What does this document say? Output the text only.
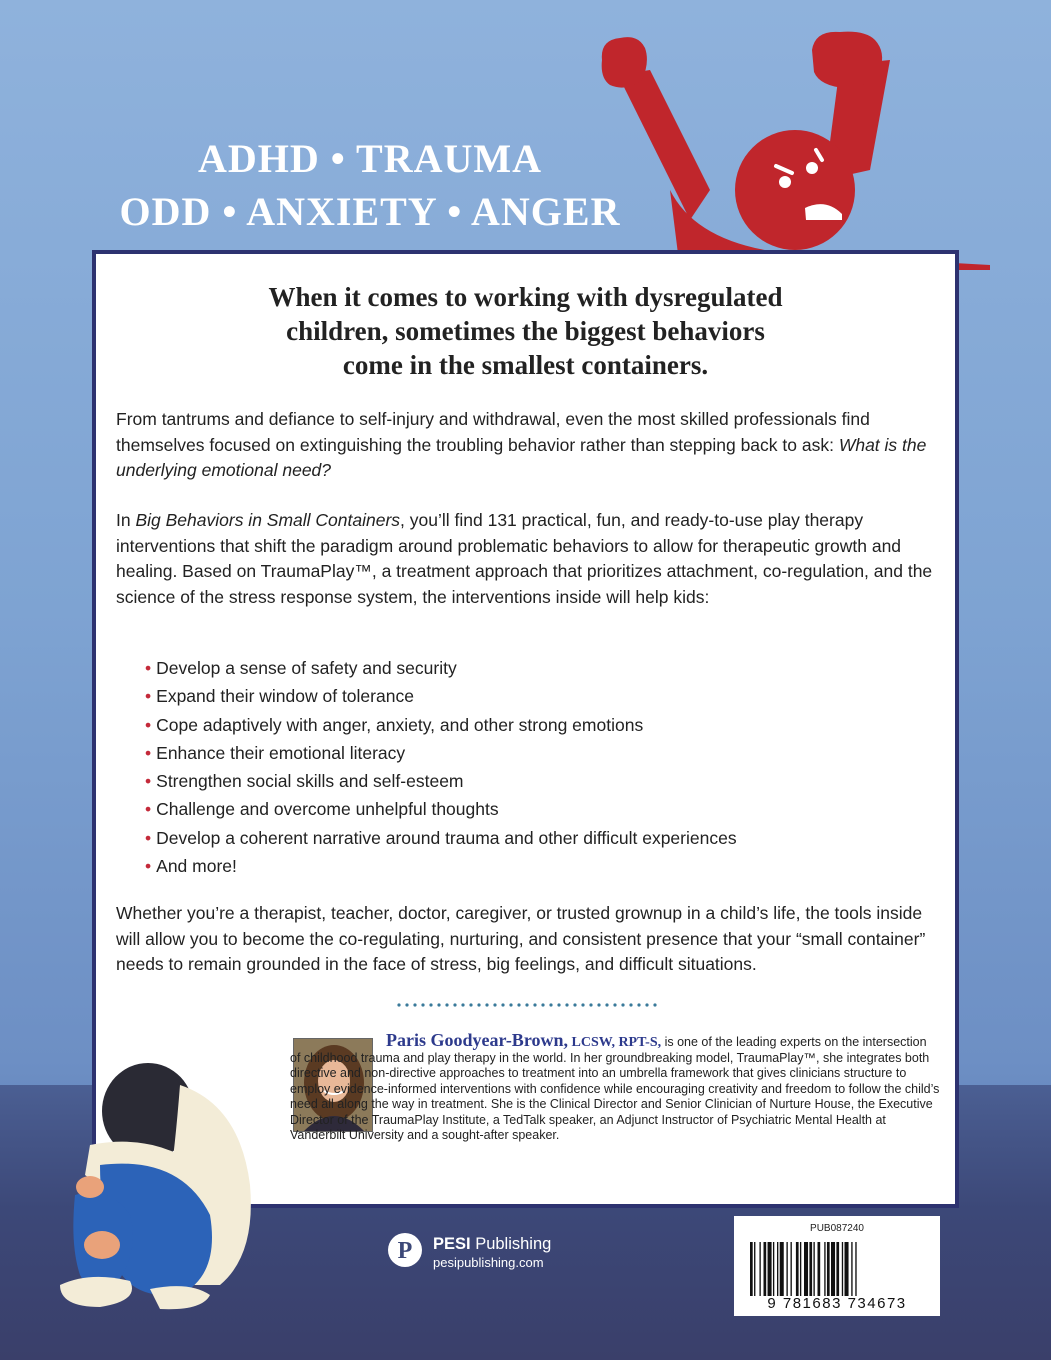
ADHD • TRAUMA
ODD • ANXIETY • ANGER

When it comes to working with dysregulated
children, sometimes the biggest behaviors
come in the smallest containers.

From tantrums and defiance to self-injury and withdrawal, even the most skilled professionals find themselves focused on extinguishing the troubling behavior rather than stepping back to ask: What is the underlying emotional need?

In Big Behaviors in Small Containers, you’ll find 131 practical, fun, and ready-to-use play therapy interventions that shift the paradigm around problematic behaviors to allow for therapeutic growth and healing. Based on TraumaPlay™, a treatment approach that prioritizes attachment, co-regulation, and the science of the stress response system, the interventions inside will help kids:

• Develop a sense of safety and security
• Expand their window of tolerance
• Cope adaptively with anger, anxiety, and other strong emotions
• Enhance their emotional literacy
• Strengthen social skills and self-esteem
• Challenge and overcome unhelpful thoughts
• Develop a coherent narrative around trauma and other difficult experiences
• And more!

Whether you’re a therapist, teacher, doctor, caregiver, or trusted grownup in a child’s life, the tools inside will allow you to become the co-regulating, nurturing, and consistent presence that your “small container” needs to remain grounded in the face of stress, big feelings, and difficult situations.

Paris Goodyear-Brown, LCSW, RPT-S, is one of the leading experts on the intersection of childhood trauma and play therapy in the world. In her groundbreaking model, TraumaPlay™, she integrates both directive and non-directive approaches to treatment into an umbrella framework that gives clinicians structure to employ evidence-informed interventions with confidence while encouraging creativity and freedom to follow the child’s need all along the way in treatment. She is the Clinical Director and Senior Clinician of Nurture House, the Executive Director of the TraumaPlay Institute, a TedTalk speaker, an Adjunct Instructor of Psychiatric Mental Health at Vanderbilt University and a sought-after speaker.

P PESI Publishing
pesipublishing.com
PUB087240
9 781683 734673
